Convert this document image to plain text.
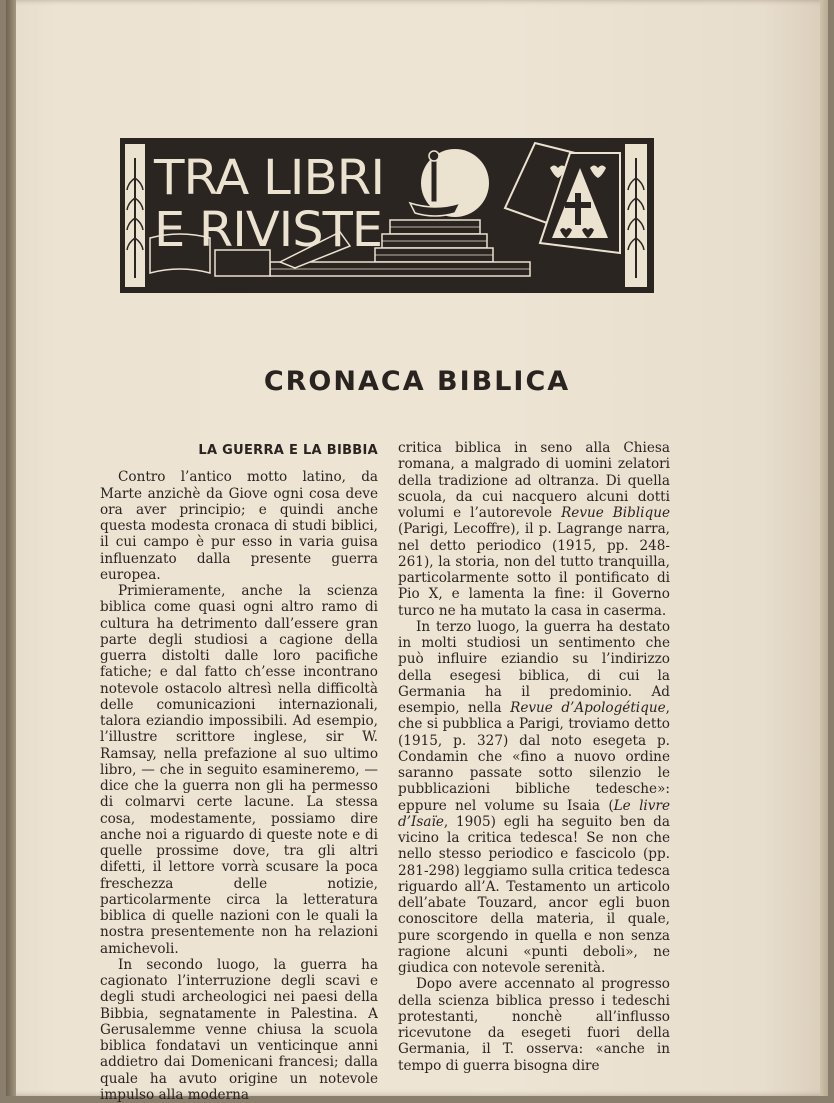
TRA LIBRI
E RIVISTE
CRONACA BIBLICA
LA GUERRA E LA BIBBIA

Contro l’antico motto latino, da Marte anzichè da Giove ogni cosa deve ora aver principio; e quindi anche questa modesta cronaca di studi biblici, il cui campo è pur esso in varia guisa influenzato dalla presente guerra europea.

Primieramente, anche la scienza biblica come quasi ogni altro ramo di cultura ha detrimento dall’essere gran parte degli studiosi a cagione della guerra distolti dalle loro pacifiche fatiche; e dal fatto ch’esse incontrano notevole ostacolo altresì nella difficoltà delle comunicazioni internazionali, talora eziandio impossibili. Ad esempio, l’illustre scrittore inglese, sir W. Ramsay, nella prefazione al suo ultimo libro, — che in seguito esamineremo, — dice che la guerra non gli ha permesso di colmarvi certe lacune. La stessa cosa, modestamente, possiamo dire anche noi a riguardo di queste note e di quelle prossime dove, tra gli altri difetti, il lettore vorrà scusare la poca freschezza delle notizie, particolarmente circa la letteratura biblica di quelle nazioni con le quali la nostra presentemente non ha relazioni amichevoli.

In secondo luogo, la guerra ha cagionato l’interruzione degli scavi e degli studi archeologici nei paesi della Bibbia, segnatamente in Palestina. A Gerusalemme venne chiusa la scuola biblica fondatavi un venticinque anni addietro dai Domenicani francesi; dalla quale ha avuto origine un notevole impulso alla moderna

critica biblica in seno alla Chiesa romana, a malgrado di uomini zelatori della tradizione ad oltranza. Di quella scuola, da cui nacquero alcuni dotti volumi e l’autorevole Revue Biblique (Parigi, Lecoffre), il p. Lagrange narra, nel detto periodico (1915, pp. 248-261), la storia, non del tutto tranquilla, particolarmente sotto il pontificato di Pio X, e lamenta la fine: il Governo turco ne ha mutato la casa in caserma.

In terzo luogo, la guerra ha destato in molti studiosi un sentimento che può influire eziandio su l’indirizzo della esegesi biblica, di cui la Germania ha il predominio. Ad esempio, nella Revue d’Apologétique, che si pubblica a Parigi, troviamo detto (1915, p. 327) dal noto esegeta p. Condamin che «fino a nuovo ordine saranno passate sotto silenzio le pubblicazioni bibliche tedesche»: eppure nel volume su Isaia (Le livre d’Isaïe, 1905) egli ha seguito ben da vicino la critica tedesca! Se non che nello stesso periodico e fascicolo (pp. 281-298) leggiamo sulla critica tedesca riguardo all’A. Testamento un articolo dell’abate Touzard, ancor egli buon conoscitore della materia, il quale, pure scorgendo in quella e non senza ragione alcuni «punti deboli», ne giudica con notevole serenità.

Dopo avere accennato al progresso della scienza biblica presso i tedeschi protestanti, nonchè all’influsso ricevutone da esegeti fuori della Germania, il T. osserva: «anche in tempo di guerra bisogna dire
